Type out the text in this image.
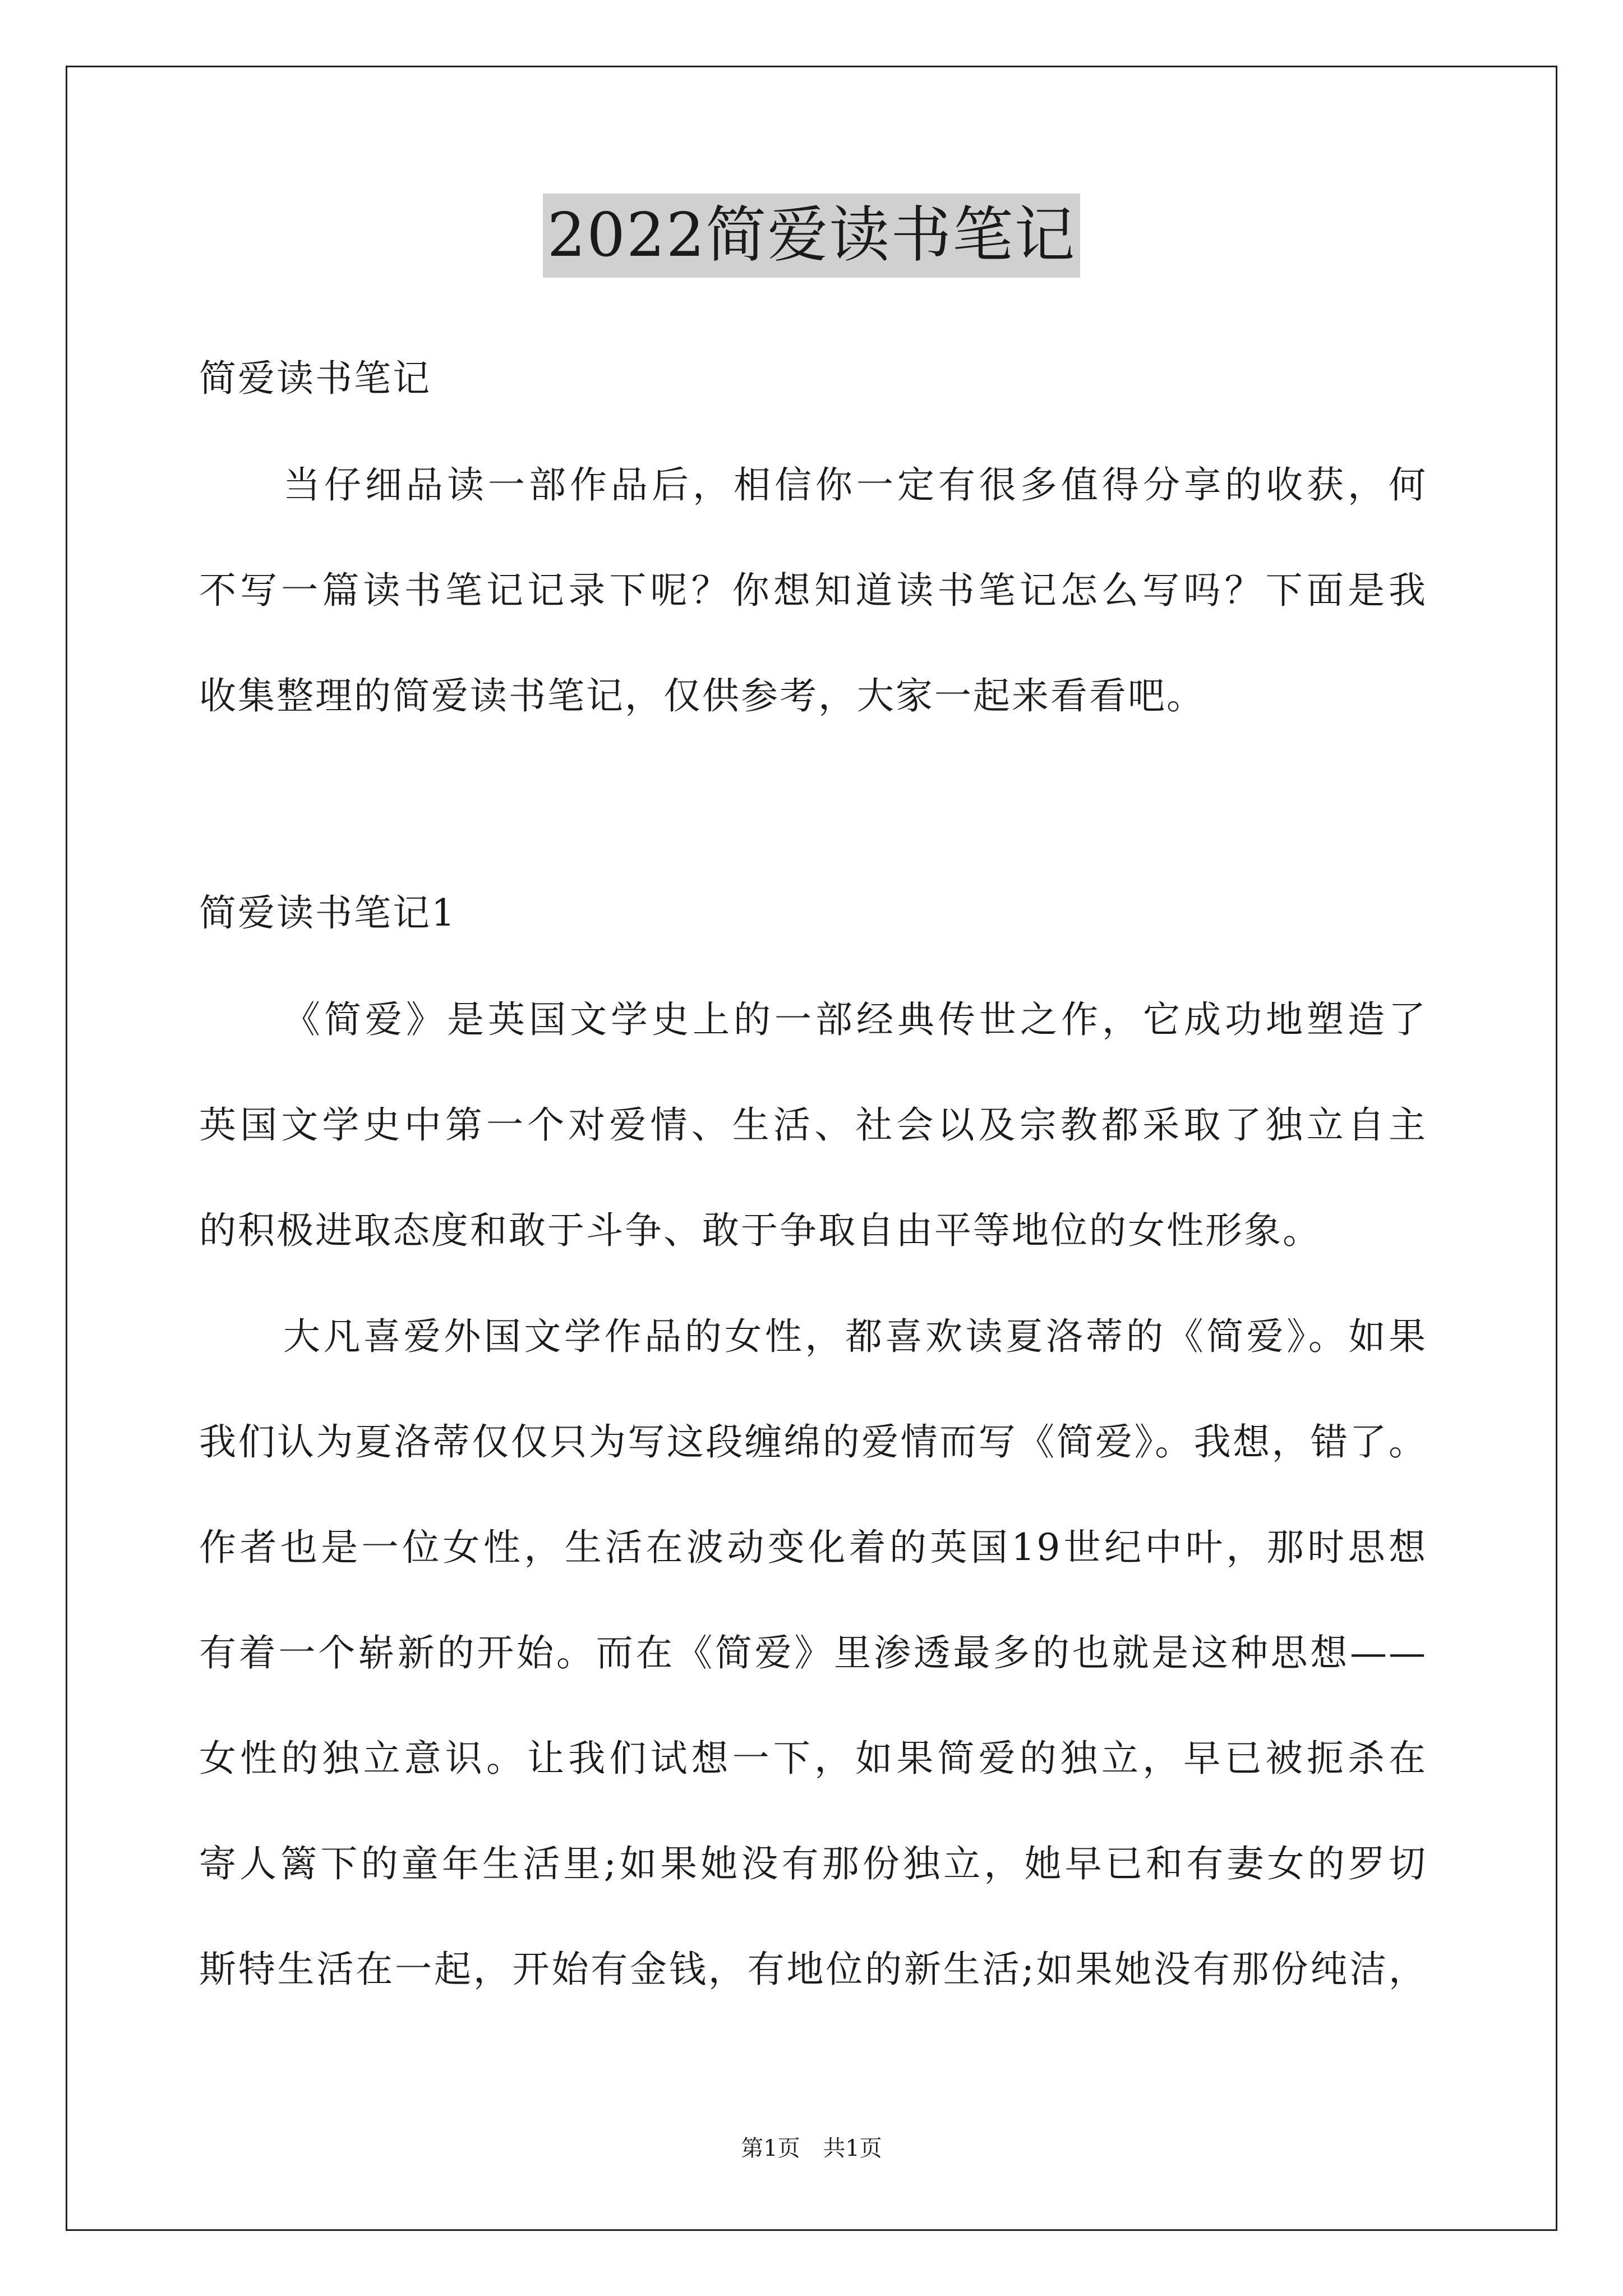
2022简爱读书笔记
简爱读书笔记
当仔细品读一部作品后，相信你一定有很多值得分享的收获，何
不写一篇读书笔记记录下呢？你想知道读书笔记怎么写吗？下面是我
收集整理的简爱读书笔记，仅供参考，大家一起来看看吧。
简爱读书笔记1
《简爱》是英国文学史上的一部经典传世之作，它成功地塑造了
英国文学史中第一个对爱情、生活、社会以及宗教都采取了独立自主
的积极进取态度和敢于斗争、敢于争取自由平等地位的女性形象。
大凡喜爱外国文学作品的女性，都喜欢读夏洛蒂的《简爱》。如果
我们认为夏洛蒂仅仅只为写这段缠绵的爱情而写《简爱》。我想，错了。
作者也是一位女性，生活在波动变化着的英国19世纪中叶，那时思想
有着一个崭新的开始。而在《简爱》里渗透最多的也就是这种思想——
女性的独立意识。让我们试想一下，如果简爱的独立，早已被扼杀在
寄人篱下的童年生活里;如果她没有那份独立，她早已和有妻女的罗切
斯特生活在一起，开始有金钱，有地位的新生活;如果她没有那份纯洁，
第1页 共1页
